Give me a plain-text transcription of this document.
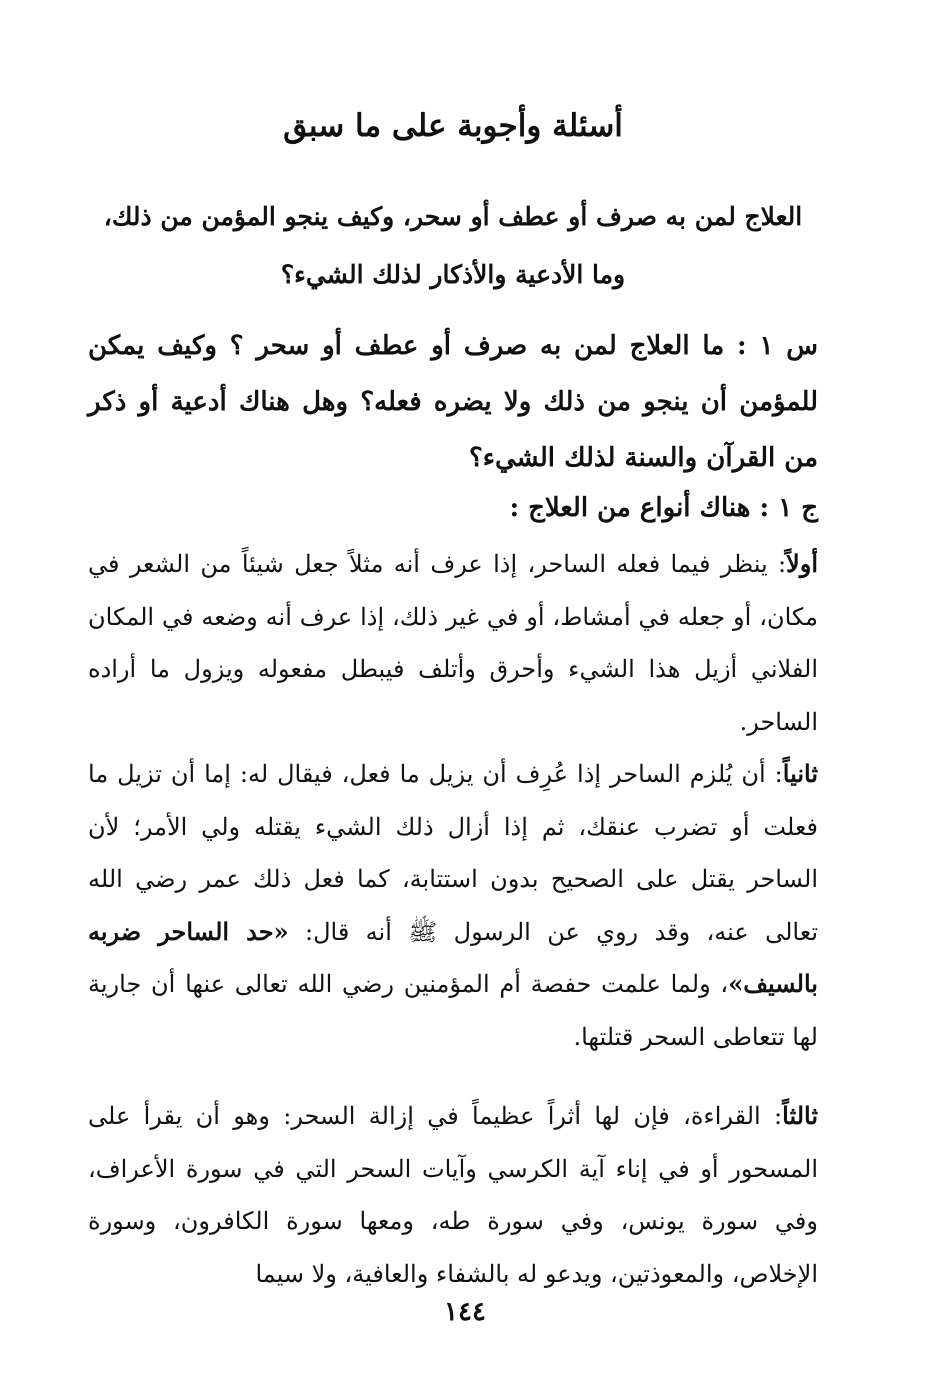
أسئلة وأجوبة على ما سبق

العلاج لمن به صرف أو عطف أو سحر، وكيف ينجو المؤمن من ذلك، وما الأدعية والأذكار لذلك الشيء؟

س ١ : ما العلاج لمن به صرف أو عطف أو سحر ؟ وكيف يمكن للمؤمن أن ينجو من ذلك ولا يضره فعله؟ وهل هناك أدعية أو ذكر من القرآن والسنة لذلك الشيء؟

ج ١ : هناك أنواع من العلاج :

أولاً: ينظر فيما فعله الساحر، إذا عرف أنه مثلاً جعل شيئاً من الشعر في مكان، أو جعله في أمشاط، أو في غير ذلك، إذا عرف أنه وضعه في المكان الفلاني أزيل هذا الشيء وأحرق وأتلف فيبطل مفعوله ويزول ما أراده الساحر.

ثانياً: أن يُلزم الساحر إذا عُرِف أن يزيل ما فعل، فيقال له: إما أن تزيل ما فعلت أو تضرب عنقك، ثم إذا أزال ذلك الشيء يقتله ولي الأمر؛ لأن الساحر يقتل على الصحيح بدون استتابة، كما فعل ذلك عمر رضي الله تعالى عنه، وقد روي عن الرسول ﷺ أنه قال: «حد الساحر ضربه بالسيف»، ولما علمت حفصة أم المؤمنين رضي الله تعالى عنها أن جارية لها تتعاطى السحر قتلتها.

ثالثاً: القراءة، فإن لها أثراً عظيماً في إزالة السحر: وهو أن يقرأ على المسحور أو في إناء آية الكرسي وآيات السحر التي في سورة الأعراف، وفي سورة يونس، وفي سورة طه، ومعها سورة الكافرون، وسورة الإخلاص، والمعوذتين، ويدعو له بالشفاء والعافية، ولا سيما

١٤٤
